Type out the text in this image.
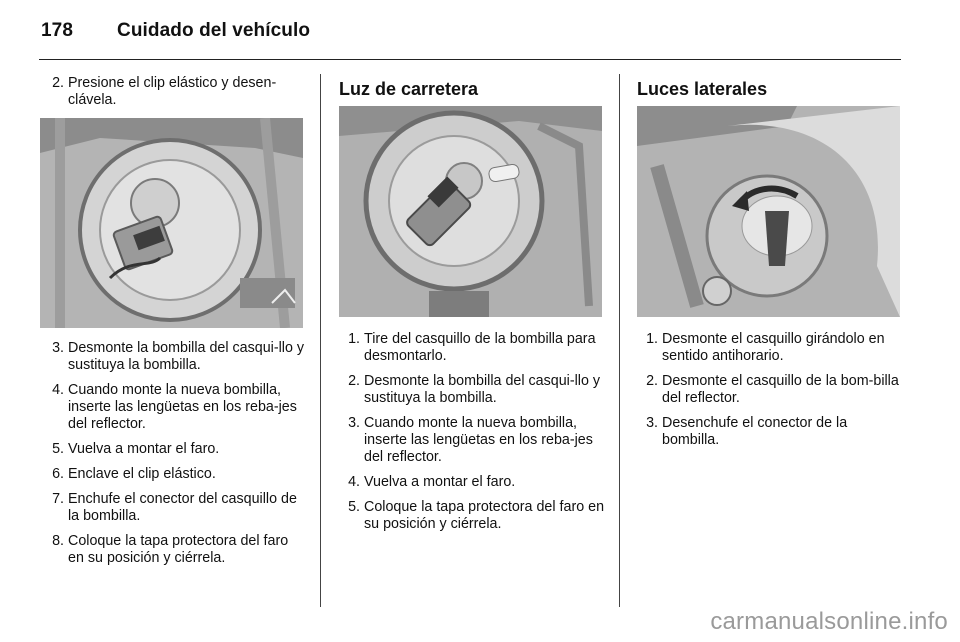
178 Cuidado del vehículo
2. Presione el clip elástico y desen-clávela.
3. Desmonte la bombilla del casqui-llo y sustituya la bombilla.
4. Cuando monte la nueva bombilla, inserte las lengüetas en los reba-jes del reflector.
5. Vuelva a montar el faro.
6. Enclave el clip elástico.
7. Enchufe el conector del casquillo de la bombilla.
8. Coloque la tapa protectora del faro en su posición y ciérrela.
Luz de carretera
1. Tire del casquillo de la bombilla para desmontarlo.
2. Desmonte la bombilla del casqui-llo y sustituya la bombilla.
3. Cuando monte la nueva bombilla, inserte las lengüetas en los reba-jes del reflector.
4. Vuelva a montar el faro.
5. Coloque la tapa protectora del faro en su posición y ciérrela.
Luces laterales
1. Desmonte el casquillo girándolo en sentido antihorario.
2. Desmonte el casquillo de la bom-billa del reflector.
3. Desenchufe el conector de la bombilla.
carmanualsonline.info
